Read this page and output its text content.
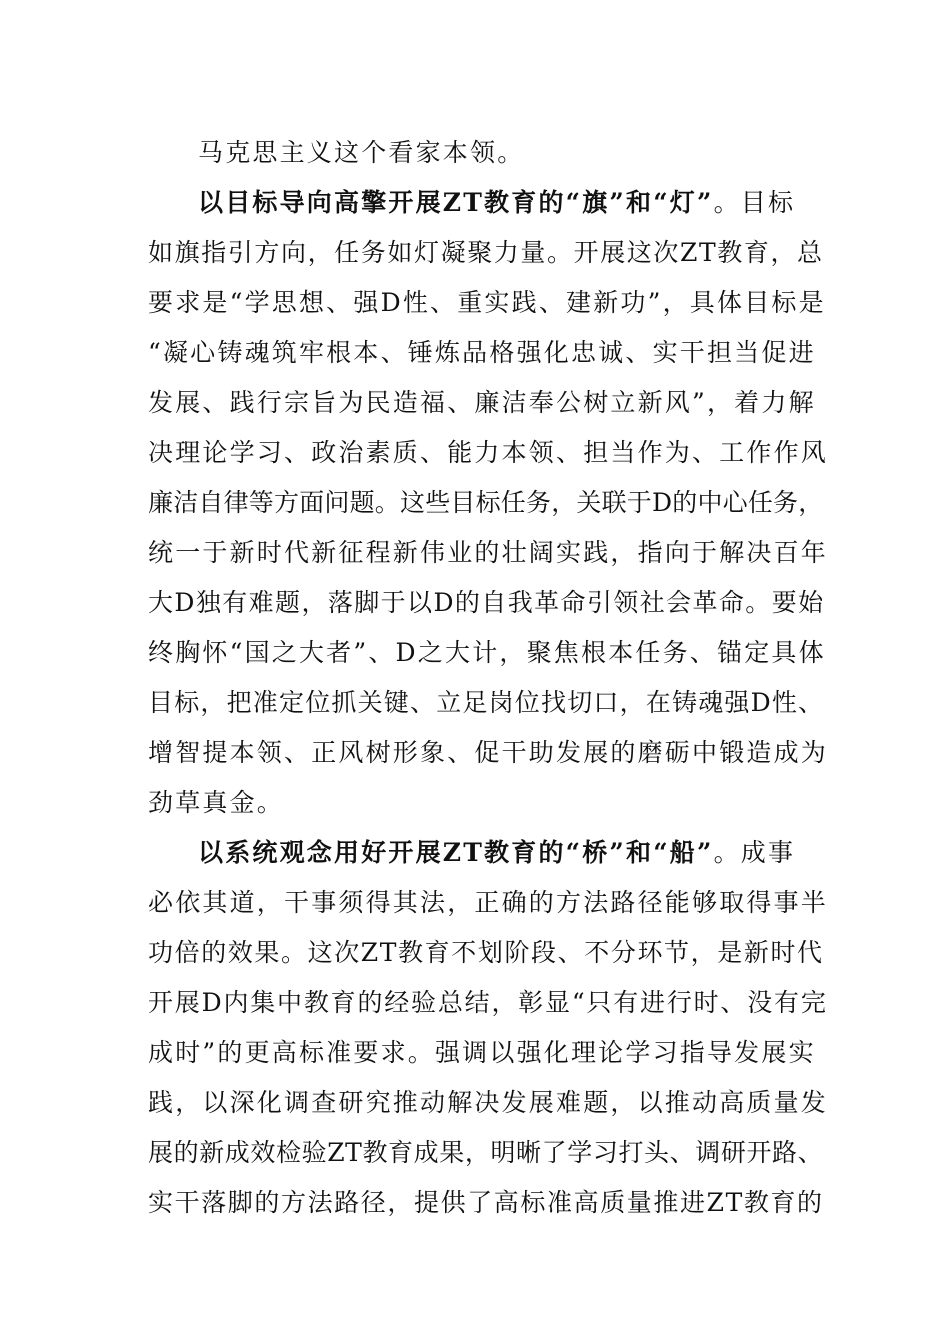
马克思主义这个看家本领。
以目标导向高擎开展ZT教育的“旗”和“灯”。目标
如旗指引方向，任务如灯凝聚力量。开展这次ZT教育，总
要求是“学思想、强D性、重实践、建新功”，具体目标是
“凝心铸魂筑牢根本、锤炼品格强化忠诚、实干担当促进
发展、践行宗旨为民造福、廉洁奉公树立新风”，着力解
决理论学习、政治素质、能力本领、担当作为、工作作风
廉洁自律等方面问题。这些目标任务，关联于D的中心任务，
统一于新时代新征程新伟业的壮阔实践，指向于解决百年
大D独有难题，落脚于以D的自我革命引领社会革命。要始
终胸怀“国之大者”、D之大计，聚焦根本任务、锚定具体
目标，把准定位抓关键、立足岗位找切口，在铸魂强D性、
增智提本领、正风树形象、促干助发展的磨砺中锻造成为
劲草真金。
以系统观念用好开展ZT教育的“桥”和“船”。成事
必依其道，干事须得其法，正确的方法路径能够取得事半
功倍的效果。这次ZT教育不划阶段、不分环节，是新时代
开展D内集中教育的经验总结，彰显“只有进行时、没有完
成时”的更高标准要求。强调以强化理论学习指导发展实
践，以深化调查研究推动解决发展难题，以推动高质量发
展的新成效检验ZT教育成果，明晰了学习打头、调研开路、
实干落脚的方法路径，提供了高标准高质量推进ZT教育的
